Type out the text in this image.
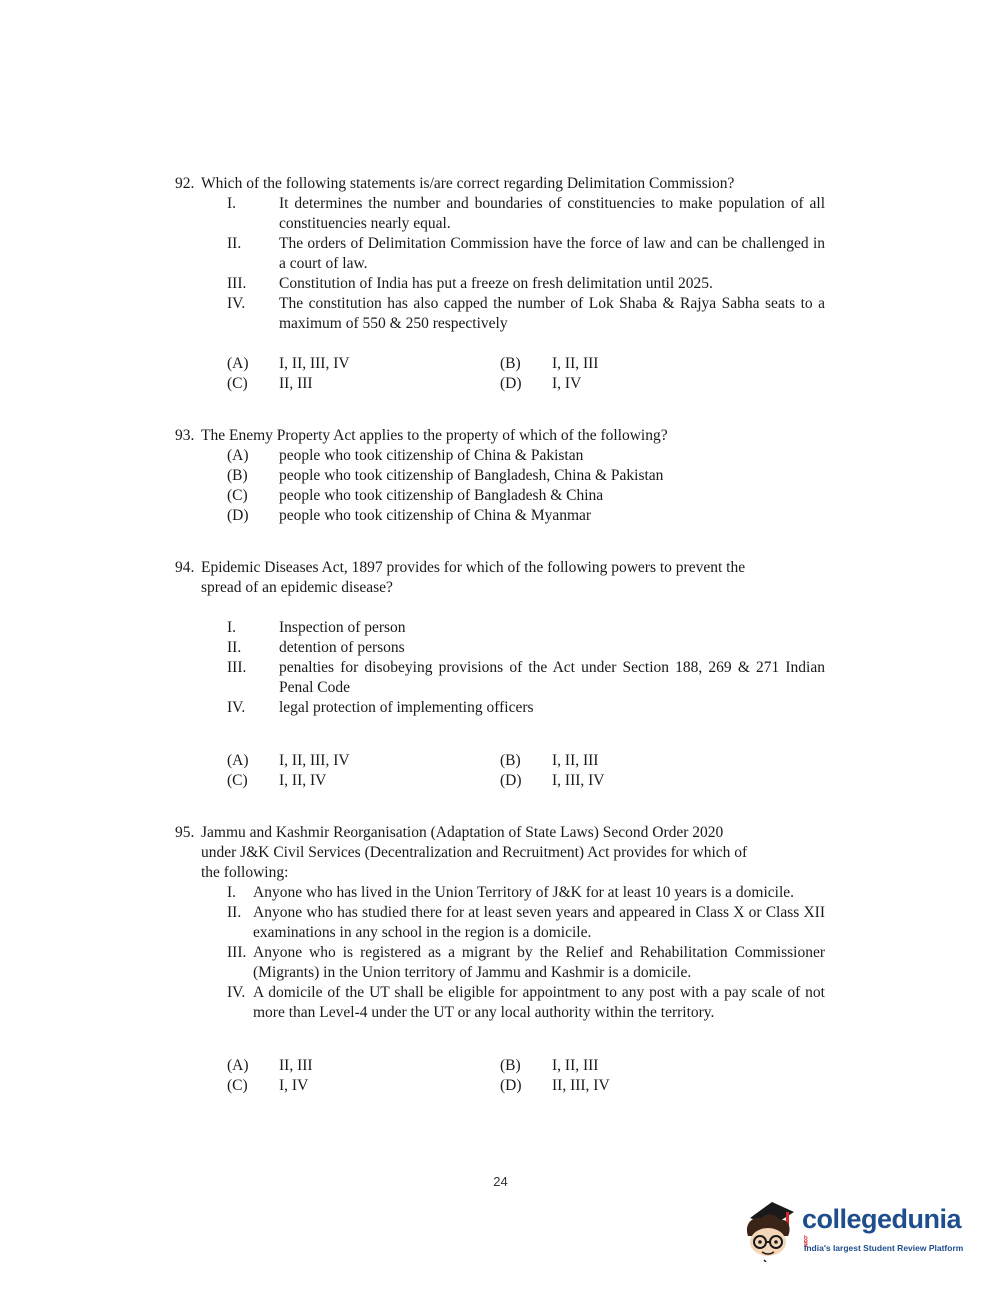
92. Which of the following statements is/are correct regarding Delimitation Commission?
I.	It determines the number and boundaries of constituencies to make population of all constituencies nearly equal.
II.	The orders of Delimitation Commission have the force of law and can be challenged in a court of law.
III.	Constitution of India has put a freeze on fresh delimitation until 2025.
IV.	The constitution has also capped the number of Lok Shaba & Rajya Sabha seats to a maximum of 550 & 250 respectively
(A)	I, II, III, IV	(B)	I, II, III
(C)	II, III	(D)	I, IV
93. The Enemy Property Act applies to the property of which of the following?
(A)	people who took citizenship of China & Pakistan
(B)	people who took citizenship of Bangladesh, China & Pakistan
(C)	people who took citizenship of Bangladesh & China
(D)	people who took citizenship of China & Myanmar
94. Epidemic Diseases Act, 1897 provides for which of the following powers to prevent the
spread of an epidemic disease?
I.	Inspection of person
II.	detention of persons
III.	penalties for disobeying provisions of the Act under Section 188, 269 & 271 Indian Penal Code
IV.	legal protection of implementing officers
(A)	I, II, III, IV	(B)	I, II, III
(C)	I, II, IV	(D)	I, III, IV
95. Jammu and Kashmir Reorganisation (Adaptation of State Laws) Second Order 2020
under J&K Civil Services (Decentralization and Recruitment) Act provides for which of
the following:
I.	Anyone who has lived in the Union Territory of J&K for at least 10 years is a domicile.
II. Anyone who has studied there for at least seven years and appeared in Class X or Class XII examinations in any school in the region is a domicile.
III. Anyone who is registered as a migrant by the Relief and Rehabilitation Commissioner (Migrants) in the Union territory of Jammu and Kashmir is a domicile.
IV. A domicile of the UT shall be eligible for appointment to any post with a pay scale of not more than Level-4 under the UT or any local authority within the territory.
(A)	II, III	(B)	I, II, III
(C)	I, IV	(D)	II, III, IV
24
collegedunia.com
India's largest Student Review Platform
